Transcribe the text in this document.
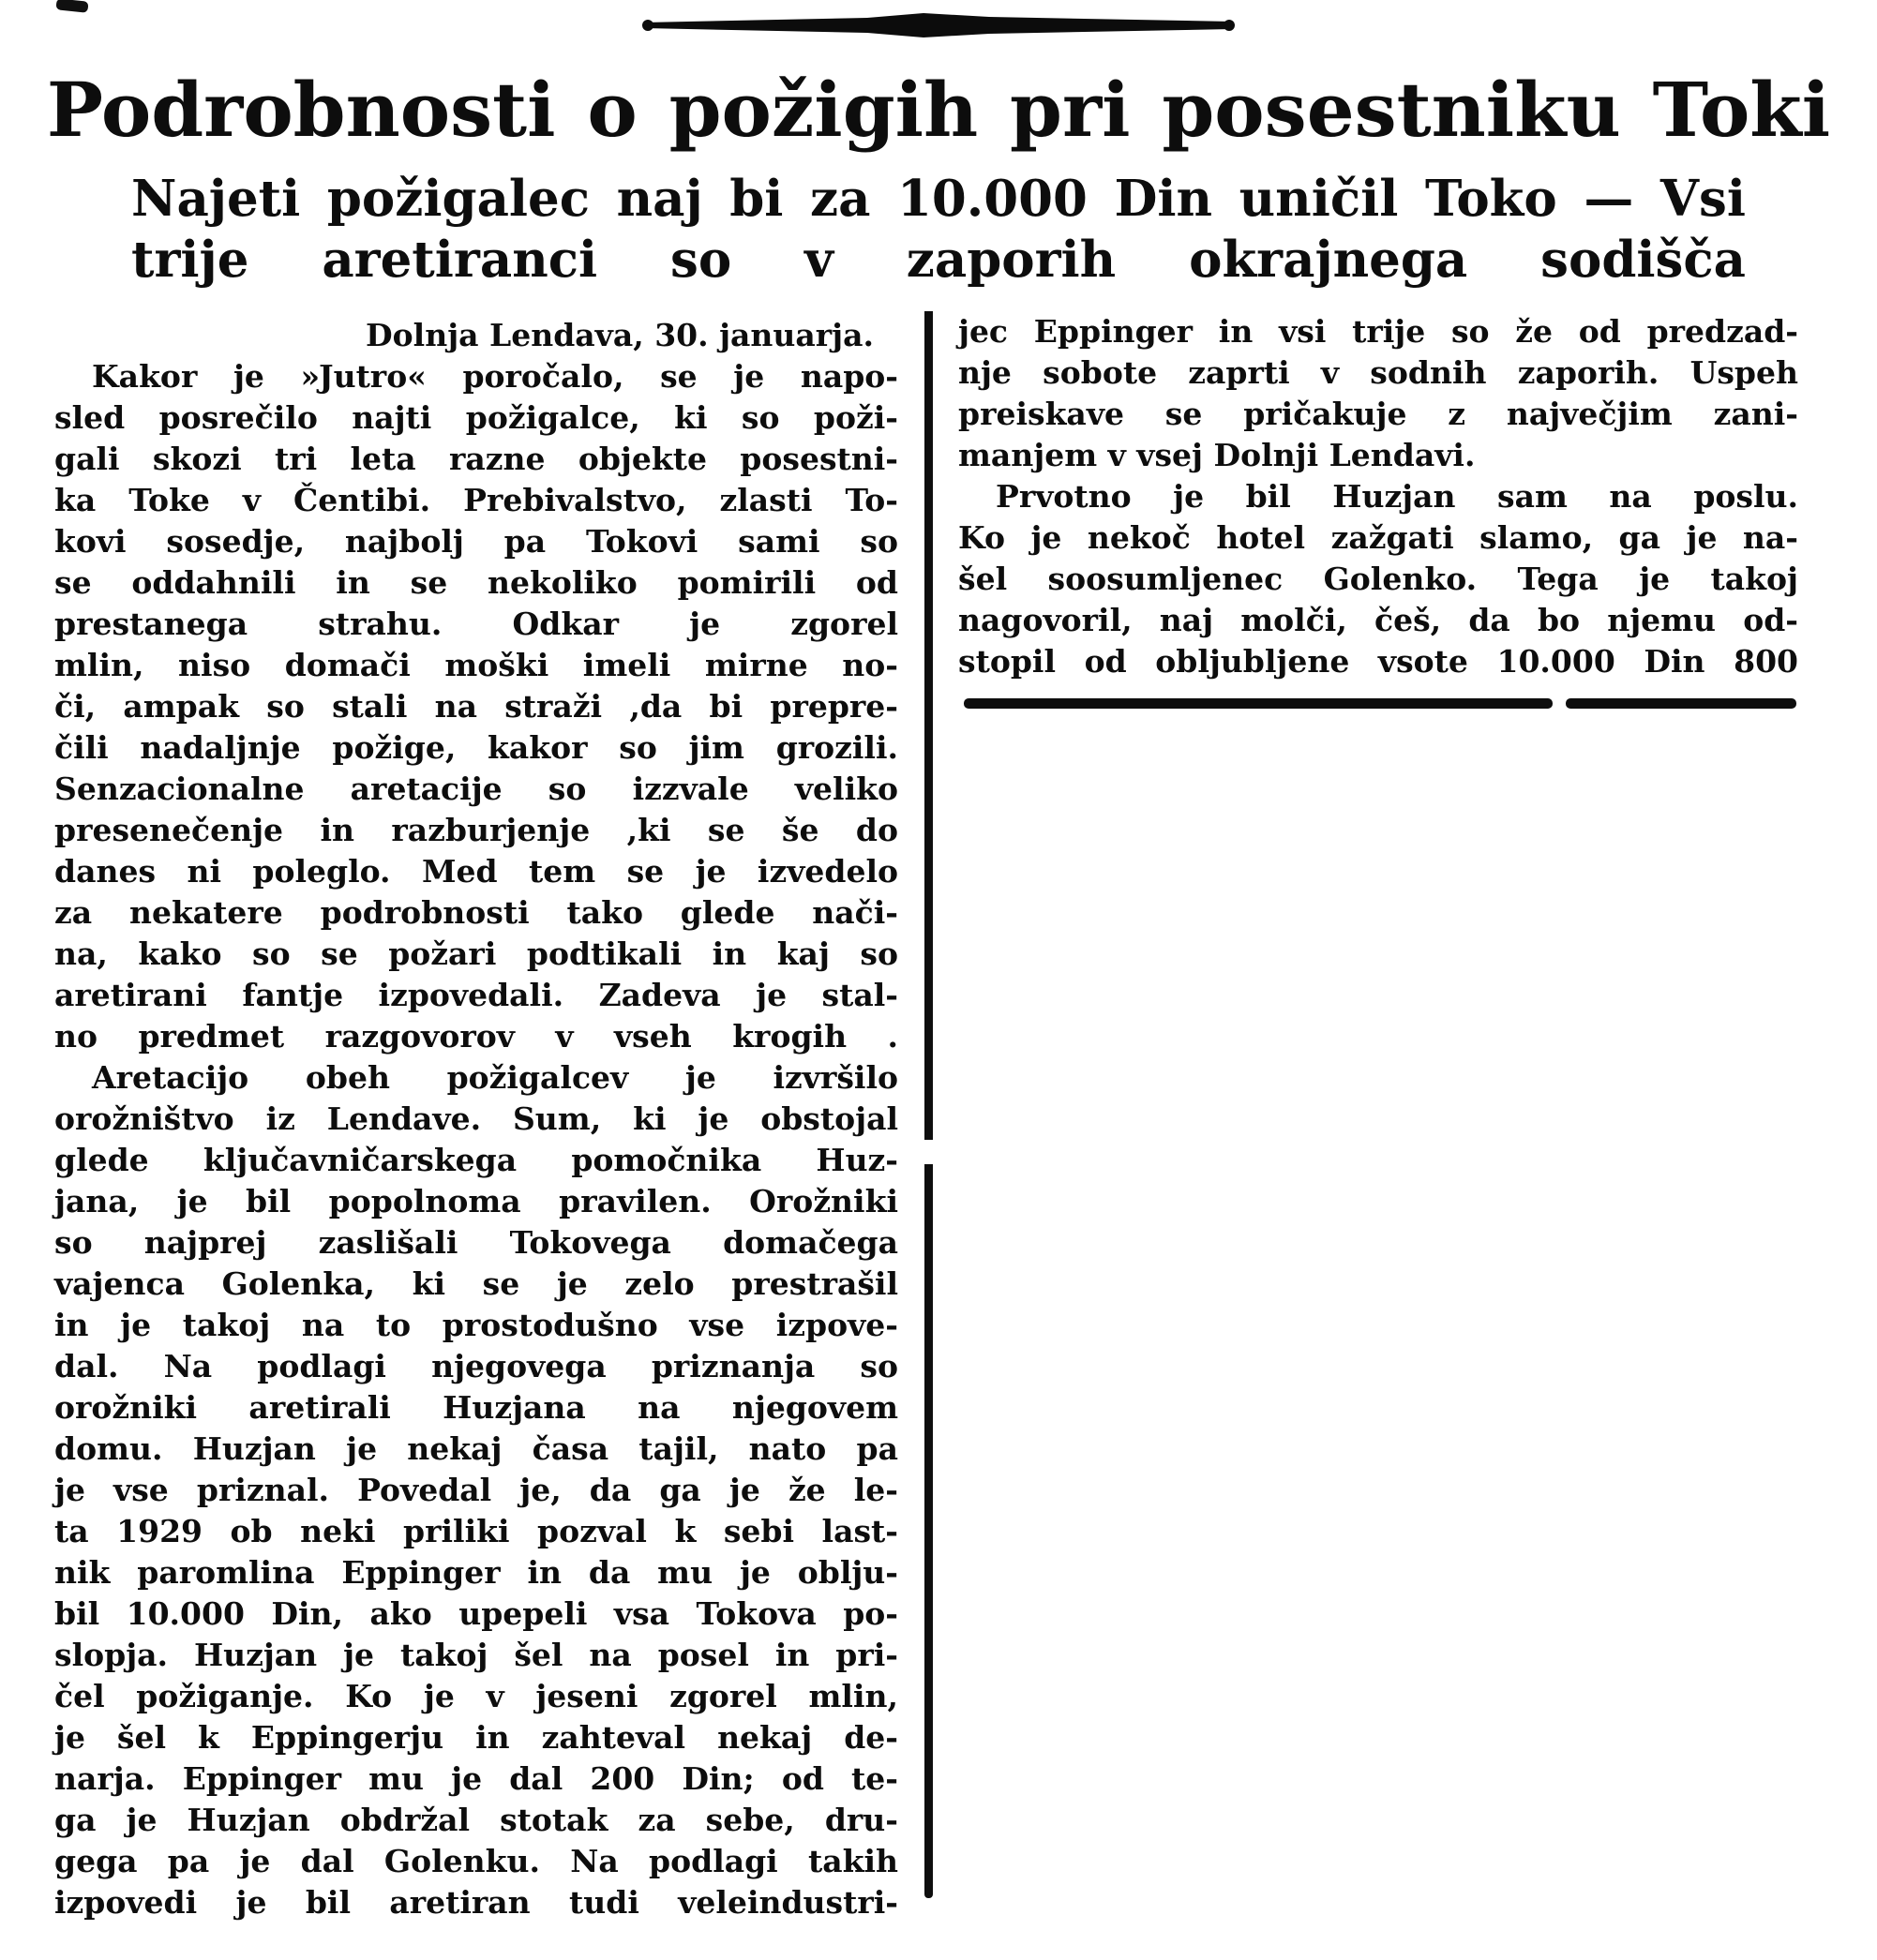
Podrobnosti o požigih pri posestniku Toki
Najeti požigalec naj bi za 10.000 Din uničil Toko — Vsi
trije aretiranci so v zaporih okrajnega sodišča
Dolnja Lendava, 30. januarja.
Kakor je »Jutro« poročalo, se je napo-
sled posrečilo najti požigalce, ki so poži-
gali skozi tri leta razne objekte posestni-
ka Toke v Čentibi. Prebivalstvo, zlasti To-
kovi sosedje, najbolj pa Tokovi sami so
se oddahnili in se nekoliko pomirili od
prestanega strahu. Odkar je zgorel
mlin, niso domači moški imeli mirne no-
či, ampak so stali na straži ,da bi prepre-
čili nadaljnje požige, kakor so jim grozili.
Senzacionalne aretacije so izzvale veliko
presenečenje in razburjenje ,ki se še do
danes ni poleglo. Med tem se je izvedelo
za nekatere podrobnosti tako glede nači-
na, kako so se požari podtikali in kaj so
aretirani fantje izpovedali. Zadeva je stal-
no predmet razgovorov v vseh krogih .
Aretacijo obeh požigalcev je izvršilo
orožništvo iz Lendave. Sum, ki je obstojal
glede ključavničarskega pomočnika Huz-
jana, je bil popolnoma pravilen. Orožniki
so najprej zaslišali Tokovega domačega
vajenca Golenka, ki se je zelo prestrašil
in je takoj na to prostodušno vse izpove-
dal. Na podlagi njegovega priznanja so
orožniki aretirali Huzjana na njegovem
domu. Huzjan je nekaj časa tajil, nato pa
je vse priznal. Povedal je, da ga je že le-
ta 1929 ob neki priliki pozval k sebi last-
nik paromlina Eppinger in da mu je oblju-
bil 10.000 Din, ako upepeli vsa Tokova po-
slopja. Huzjan je takoj šel na posel in pri-
čel požiganje. Ko je v jeseni zgorel mlin,
je šel k Eppingerju in zahteval nekaj de-
narja. Eppinger mu je dal 200 Din; od te-
ga je Huzjan obdržal stotak za sebe, dru-
gega pa je dal Golenku. Na podlagi takih
izpovedi je bil aretiran tudi veleindustri-
jec Eppinger in vsi trije so že od predzad-
nje sobote zaprti v sodnih zaporih. Uspeh
preiskave se pričakuje z največjim zani-
manjem v vsej Dolnji Lendavi.
Prvotno je bil Huzjan sam na poslu.
Ko je nekoč hotel zažgati slamo, ga je na-
šel soosumljenec Golenko. Tega je takoj
nagovoril, naj molči, češ, da bo njemu od-
stopil od obljubljene vsote 10.000 Din 800
